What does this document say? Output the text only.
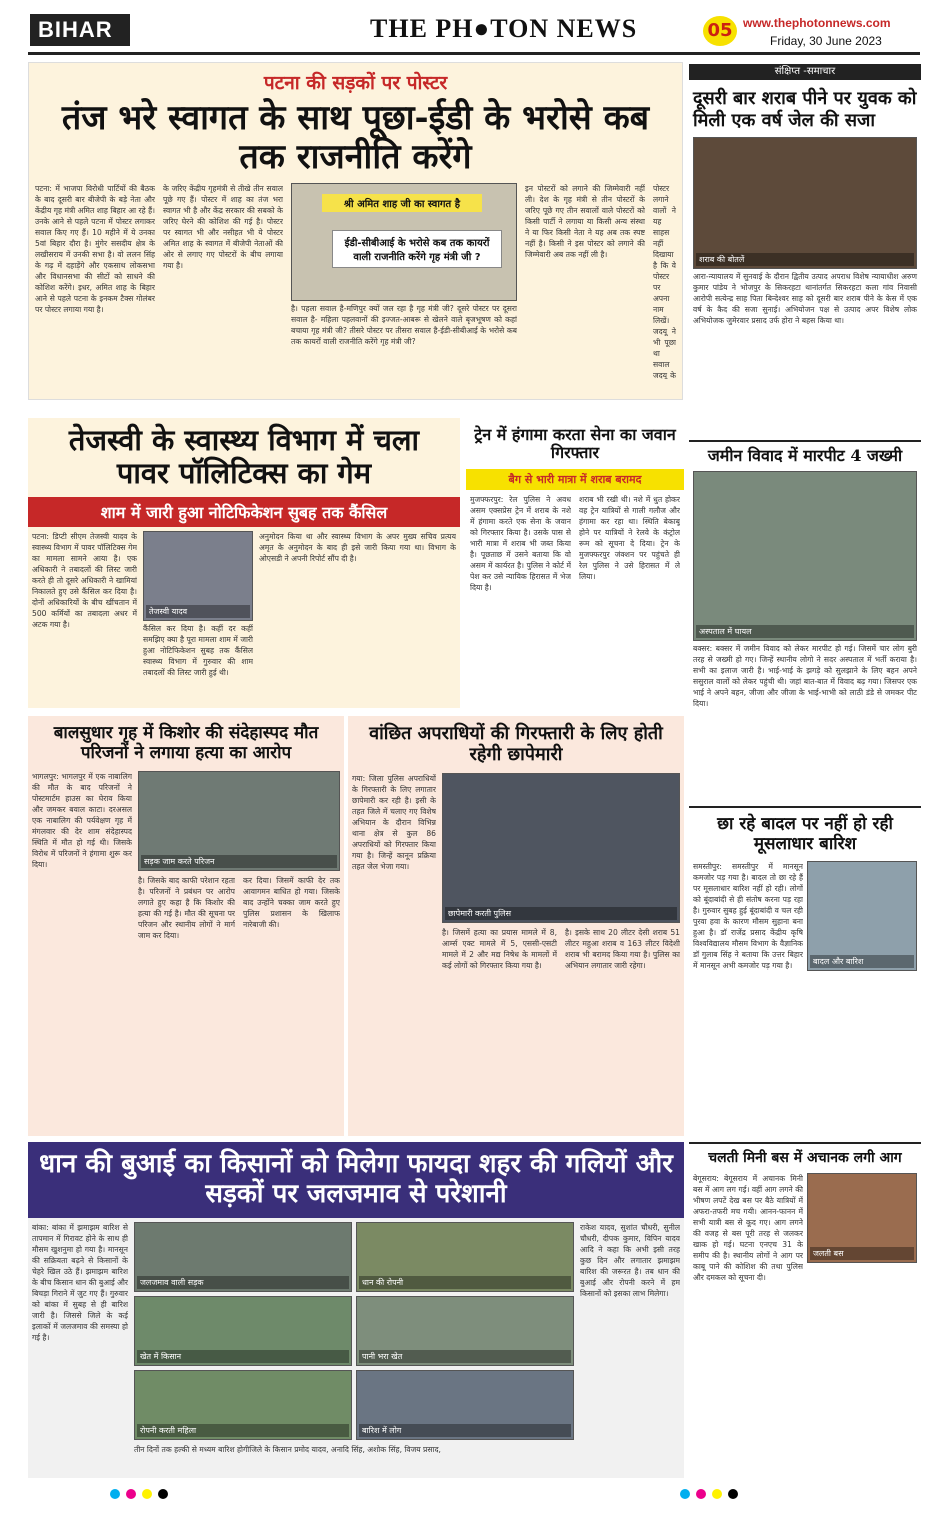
BIHAR	THE PH●TON NEWS	05 www.thephotonnews.com
Friday, 30 June 2023
पटना की सड़कों पर पोस्टर
तंज भरे स्वागत के साथ पूछा-ईडी के भरोसे कब तक राजनीति करेंगे
पटना: में भाजपा विरोधी पार्टियों की बैठक के बाद दूसरी बार बीजेपी के बड़े नेता और केंद्रीय गृह मंत्री अमित शाह बिहार आ रहे हैं। उनके आने से पहले पटना में पोस्टर लगाकर सवाल किए गए हैं। 10 महीने में ये उनका 5वां बिहार दौरा है। मुंगेर ससदीय क्षेत्र के लखीसराय में उनकी सभा है। वो ललन सिंह के गढ़ में दहाड़ेंगे और एकसाथ लोकसभा और विधानसभा की सीटों को साधने की कोशिश करेंगे। इधर, अमित शाह के बिहार आने से पहले पटना के इनकम टैक्स गोलंबर पर पोस्टर लगाया गया है।
के जरिए केंद्रीय गृहमंत्री से तीखे तीन सवाल पूछे गए हैं। पोस्टर में शाह का तंज भरा स्वागत भी है और केंद्र सरकार की सबको के जरिए घेरने की कोशिश की गई है। पोस्टर पर स्वागत भी और नसीहत भी ये पोस्टर अमित शाह के स्वागत में बीजेपी नेताओं की ओर से लगाए गए पोस्टरों के बीच लगाया गया है।
श्री अमित शाह जी का स्वागत है
ईडी-सीबीआई के भरोसे कब तक कायरों वाली राजनीति करेंगे गृह मंत्री जी ?
है। पहला सवाल है-मणिपुर क्यों जल रहा है गृह मंत्री जी? दूसरे पोस्टर पर दूसरा सवाल है- महिला पहलवानों की इज्जत-आबरू से खेलने वाले बृजभूषण को कहां बचाया गृह मंत्री जी? तीसरे पोस्टर पर तीसरा सवाल है-ईडी-सीबीआई के भरोसे कब तक कायरों वाली राजनीति करेंगे गृह मंत्री जी?
इन पोस्टरों को लगाने की जिम्मेवारी नहीं ली। देश के गृह मंत्री से तीन पोस्टरों के जरिए पूछे गए तीन सवालों वाले पोस्टरों को किसी पार्टी ने लगाया या किसी अन्य संस्था ने या फिर किसी नेता ने यह अब तक स्पष्ट नहीं है। किसी ने इस पोस्टर को लगाने की जिम्मेवारी अब तक नहीं ली है।
पोस्टर लगाने वालों ने यह साहस नहीं दिखाया है कि वे पोस्टर पर अपना नाम लिखें। जदयू ने भी पूछा था सवाल जदयू के
संक्षिप्त -समाचार
दूसरी बार शराब पीने पर युवक को मिली एक वर्ष जेल की सजा
शराब की बोतलें
आरा-न्यायालय में सुनवाई के दौरान द्वितीय उत्पाद अपराध विशेष न्यायाधीश अरुण कुमार पांडेय ने भोजपुर के सिकरहटा थानांतर्गत सिकरहटा कला गांव निवासी आरोपी सत्येन्द्र साह पिता बिन्देश्वर साह को दूसरी बार शराब पीने के केस में एक वर्ष के कैद की सजा सुनाई। अभियोजन पक्ष से उत्पाद अपर विशेष लोक अभियोजक जुमेरवार प्रसाद उर्फ होरा ने बहस किया था।
जमीन विवाद में मारपीट 4 जख्मी
अस्पताल में घायल
बक्सर: बक्सर में जमीन विवाद को लेकर मारपीट हो गई। जिसमें चार लोग बुरी तरह से जख्मी हो गए। जिन्हें स्थानीय लोगो ने सदर अस्पताल में भर्ती कराया है। सभी का इलाज जारी है। भाई-भाई के झगड़े को सुलझाने के लिए बहन अपने ससुराल वालों को लेकर पहुंची थी। जहां बात-बात में विवाद बढ़ गया। जिसपर एक भाई ने अपने बहन, जीजा और जीजा के भाई-भाभी को लाठी डंडे से जमकर पीट दिया।
तेजस्वी के स्वास्थ्य विभाग में चला पावर पॉलिटिक्स का गेम
शाम में जारी हुआ नोटिफिकेशन सुबह तक कैंसिल
पटना: डिप्टी सीएम तेजस्वी यादव के स्वास्थ्य विभाग में पावर पॉलिटिक्स गेम का मामला सामने आया है। एक अधिकारी ने तबादलों की लिस्ट जारी करते ही तो दूसरे अधिकारी ने खामियां निकालते हुए उसे कैंसिल कर दिया है। दोनों अधिकारियों के बीच खींचतान में 500 कर्मियों का तबादला अधर में अटक गया है।
तेजस्वी यादव
कैंसिल कर दिया है। कहीं दर कहीं समझिए क्या है पूरा मामला शाम में जारी हुआ नोटिफिकेशन सुबह तक कैंसिल स्वास्थ्य विभाग में गुरुवार की शाम तबादलों की लिस्ट जारी हुई थी।
अनुमोदन किया था और स्वास्थ्य विभाग के अपर मुख्य सचिव प्रत्यय अमृत के अनुमोदन के बाद ही इसे जारी किया गया था। विभाग के ओएसडी ने अपनी रिपोर्ट सौंप दी है।
ट्रेन में हंगामा करता सेना का जवान गिरफ्तार
बैग से भारी मात्रा में शराब बरामद
मुजफ्फरपुर: रेल पुलिस ने अवध असम एक्सप्रेस ट्रेन में शराब के नशे में हंगामा करते एक सेना के जवान को गिरफ्तार किया है। उसके पास से भारी मात्रा में शराब भी जब्त किया है। पूछताछ में उसने बताया कि वो असम में कार्यरत है। पुलिस ने कोर्ट में पेश कर उसे न्यायिक हिरासत में भेज दिया है।
शराब भी रखी थी। नशे में धुत होकर वह ट्रेन यात्रियों से गाली गलौज और हंगामा कर रहा था। स्थिति बेकाबू होने पर यात्रियों ने रेलवे के कंट्रोल रूम को सूचना दे दिया। ट्रेन के मुजफ्फरपुर जंक्शन पर पहुंचते ही रेल पुलिस ने उसे हिरासत में ले लिया।
बालसुधार गृह में किशोर की संदेहास्पद मौत परिजनों ने लगाया हत्या का आरोप
भागलपुर: भागलपुर में एक नाबालिग की मौत के बाद परिजनों ने पोस्टमार्टम हाउस का घेराव किया और जमकर बवाल काटा। दरअसल एक नाबालिग की पर्यवेक्षण गृह में मंगलवार की देर शाम संदेहास्पद स्थिति में मौत हो गई थी। जिसके विरोध में परिजनों ने हंगामा शुरू कर दिया।	सड़क जाम करते परिजन
है। जिसके बाद काफी परेशान रहता है। परिजनों ने प्रबंधन पर आरोप लगाते हुए कहा है कि किशोर की हत्या की गई है। मौत की सूचना पर परिजन और स्थानीय लोगों ने मार्ग जाम कर दिया।
कर दिया। जिसमें काफी देर तक आवागमन बाधित हो गया। जिसके बाद उन्होंने चक्का जाम करते हुए पुलिस प्रशासन के खिलाफ नारेबाजी की।
वांछित अपराधियों की गिरफ्तारी के लिए होती रहेगी छापेमारी
गया: जिला पुलिस अपराधियों के गिरफ्तारी के लिए लगातार छापेमारी कर रही है। इसी के तहत जिले में चलाए गए विशेष अभियान के दौरान विभिन्न थाना क्षेत्र से कुल 86 अपराधियों को गिरफ्तार किया गया है। जिन्हें कानून प्रक्रिया तहत जेल भेजा गया।
छापेमारी करती पुलिस
है। जिसमें हत्या का प्रयास मामले में 8, आर्म्स एक्ट मामले में 5, एससी-एसटी मामले में 2 और मद्य निषेध के मामलों में कई लोगों को गिरफ्तार किया गया है।
है। इसके साथ 20 लीटर देसी शराब 51 लीटर महुआ शराब व 163 लीटर विदेशी शराब भी बरामद किया गया है। पुलिस का अभियान लगातार जारी रहेगा।
छा रहे बादल पर नहीं हो रही मूसलाधार बारिश
समस्तीपुर: समस्तीपुर में मानसून कमजोर पड़ गया है। बादल तो छा रहे हैं पर मूसलाधार बारिश नहीं हो रही। लोगों को बूंदाबांदी से ही संतोष करना पड़ रहा है। गुरुवार सुबह हुई बूंदाबांदी व चल रही पुरवा हवा के कारण मौसम सुहाना बना हुआ है। डॉ राजेंद्र प्रसाद केंद्रीय कृषि विश्वविद्यालय मौसम विभाग के वैज्ञानिक डॉ गुलाब सिंह ने बताया कि उत्तर बिहार में मानसून अभी कमजोर पड़ गया है।	बादल और बारिश
धान की बुआई का किसानों को मिलेगा फायदा शहर की गलियों और सड़कों पर जलजमाव से परेशानी
बांका: बांका में झमाझम बारिश से तापमान में गिरावट होने के साथ ही मौसम खुशनुमा हो गया है। मानसून की सक्रियता बढ़ने से किसानों के चेहरे खिल उठे हैं। झमाझम बारिश के बीच किसान धान की बुआई और बिचड़ा गिराने में जुट गए हैं। गुरुवार को बांका में सुबह से ही बारिश जारी है। जिससे जिले के कई इलाकों में जलजमाव की समस्या हो गई है।
जलजमाव वाली सड़क	धान की रोपनी
खेत में किसान	पानी भरा खेत
रोपनी करती महिला	बारिश में लोग
तीन दिनों तक हल्की से मध्यम बारिश होगीजिले के किसान प्रमोद यादव, अनादि सिंह, अशोक सिंह, विजय प्रसाद,
राकेश यादव, सुशांत चौधरी, सुनील चौधरी, दीपक कुमार, विपिन यादव आदि ने कहा कि अभी इसी तरह कुछ दिन और लगातार झमाझम बारिश की जरूरत है। तब धान की बुआई और रोपनी करने में हम किसानों को इसका लाभ मिलेगा।
चलती मिनी बस में अचानक लगी आग
बेगूसराय: बेगूसराय में अचानक मिनी बस में आग लग गई। वहीं आग लगने की भीषण लपटें देख बस पर बैठे यात्रियों में अफरा-तफरी मच गयी। आनन-फानन में सभी यात्री बस से कूद गए। आग लगने की वजह से बस पूरी तरह से जलकर खाक हो गई। घटना एनएच 31 के समीप की है। स्थानीय लोगों ने आग पर काबू पाने की कोशिश की तथा पुलिस और दमकल को सूचना दी।
जलती बस
